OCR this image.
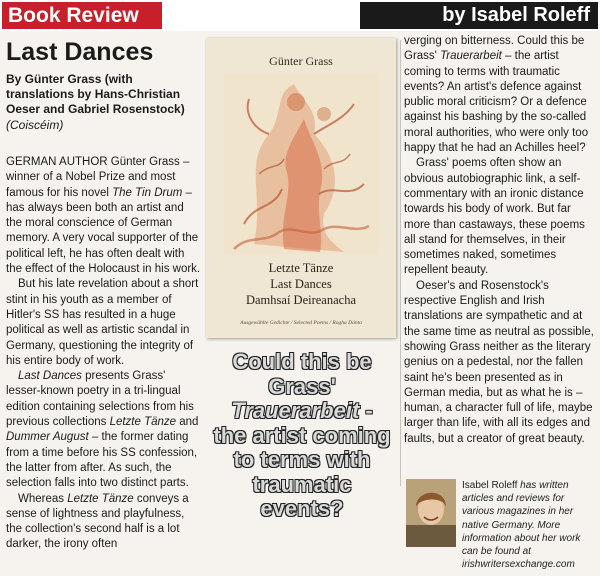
Book Review	by Isabel Roleff
Last Dances
By Günter Grass (with translations by Hans-Christian Oeser and Gabriel Rosenstock)
(Coiscéim)

GERMAN AUTHOR Günter Grass – winner of a Nobel Prize and most famous for his novel The Tin Drum – has always been both an artist and the moral conscience of German memory. A very vocal supporter of the political left, he has often dealt with the effect of the Holocaust in his work.

But his late revelation about a short stint in his youth as a member of Hitler's SS has resulted in a huge political as well as artistic scandal in Germany, questioning the integrity of his entire body of work.

Last Dances presents Grass' lesser-known poetry in a tri-lingual edition containing selections from his previous collections Letzte Tänze and Dummer August – the former dating from a time before his SS confession, the latter from after. As such, the selection falls into two distinct parts.

Whereas Letzte Tänze conveys a sense of lightness and playfulness, the collection's second half is a lot darker, the irony often

Günter Grass
Letzte Tänze
Last Dances
Damhsaí Deireanacha
Ausgewählte Gedichte / Selected Poems / Rogha Dánta
Could this be Grass' Trauerarbeit - the artist coming to terms with traumatic events?

verging on bitterness. Could this be Grass' Trauerarbeit – the artist coming to terms with traumatic events? An artist's defence against public moral criticism? Or a defence against his bashing by the so-called moral authorities, who were only too happy that he had an Achilles heel?

Grass' poems often show an obvious autobiographic link, a self-commentary with an ironic distance towards his body of work. But far more than castaways, these poems all stand for themselves, in their sometimes naked, sometimes repellent beauty.

Oeser's and Rosenstock's respective English and Irish translations are sympathetic and at the same time as neutral as possible, showing Grass neither as the literary genius on a pedestal, nor the fallen saint he's been presented as in German media, but as what he is – human, a character full of life, maybe larger than life, with all its edges and faults, but a creator of great beauty.

Isabel Roleff has written articles and reviews for various magazines in her native Germany. More information about her work can be found at irishwritersexchange.com
